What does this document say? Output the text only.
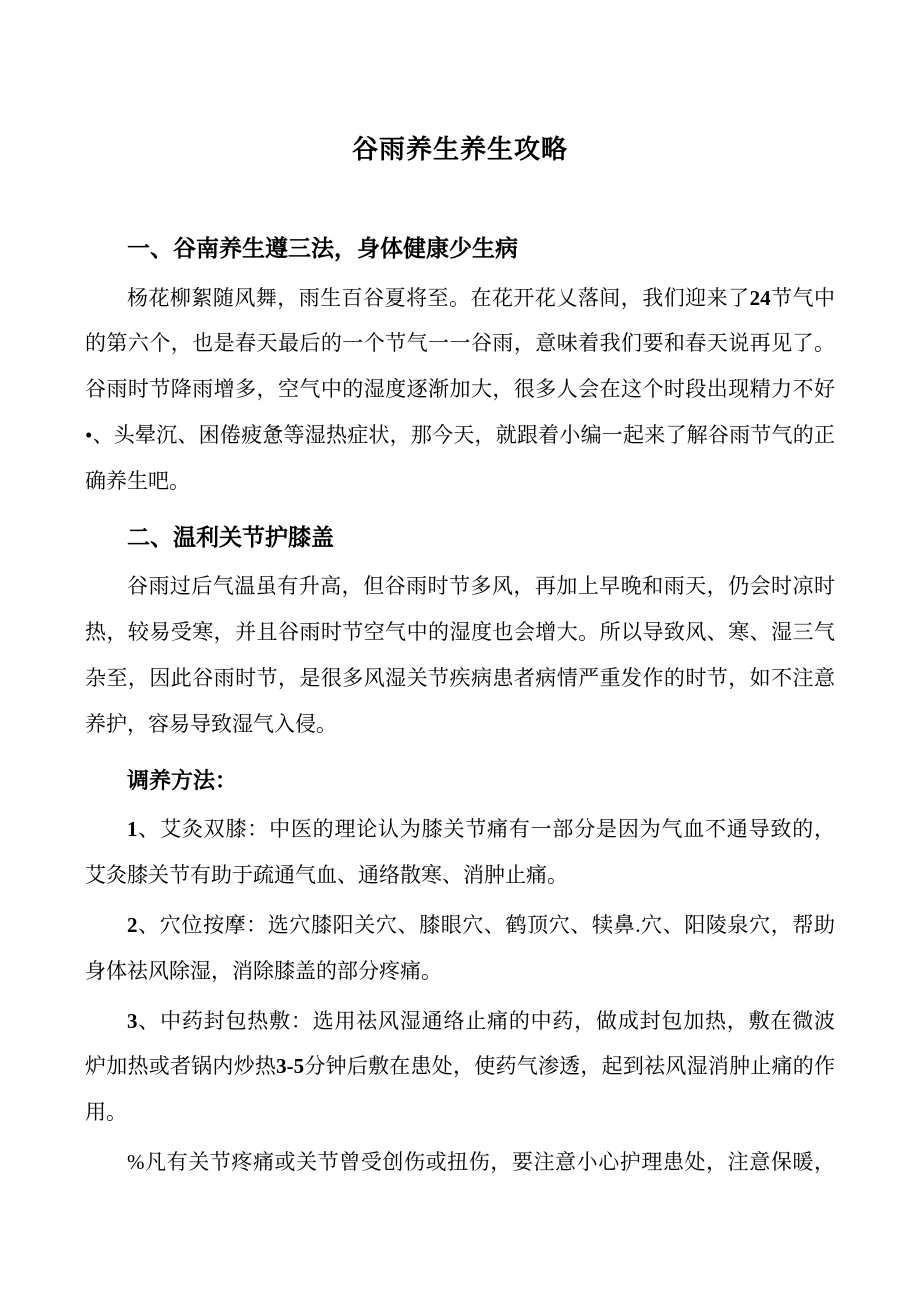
谷雨养生养生攻略
一、谷南养生遵三法，身体健康少生病
杨花柳絮随风舞，雨生百谷夏将至。在花开花乂落间，我们迎来了24节气中
的第六个，也是春天最后的一个节气一一谷雨，意味着我们要和春天说再见了。
谷雨时节降雨增多，空气中的湿度逐渐加大，很多人会在这个时段出现精力不好
•、头晕沉、困倦疲惫等湿热症状，那今天，就跟着小编一起来了解谷雨节气的正
确养生吧。
二、温利关节护膝盖
谷雨过后气温虽有升高，但谷雨时节多风，再加上早晚和雨天，仍会时凉时
热，较易受寒，并且谷雨时节空气中的湿度也会增大。所以导致风、寒、湿三气
杂至，因此谷雨时节，是很多风湿关节疾病患者病情严重发作的时节，如不注意
养护，容易导致湿气入侵。
调养方法：
1、艾灸双膝：中医的理论认为膝关节痛有一部分是因为气血不通导致的，
艾灸膝关节有助于疏通气血、通络散寒、消肿止痛。
2、穴位按摩：选穴膝阳关穴、膝眼穴、鹤顶穴、犊鼻.穴、阳陵泉穴，帮助
身体祛风除湿，消除膝盖的部分疼痛。
3、中药封包热敷：选用祛风湿通络止痛的中药，做成封包加热，敷在微波
炉加热或者锅内炒热3-5分钟后敷在患处，使药气渗透，起到祛风湿消肿止痛的作
用。
%凡有关节疼痛或关节曾受创伤或扭伤，要注意小心护理患处，注意保暖，
